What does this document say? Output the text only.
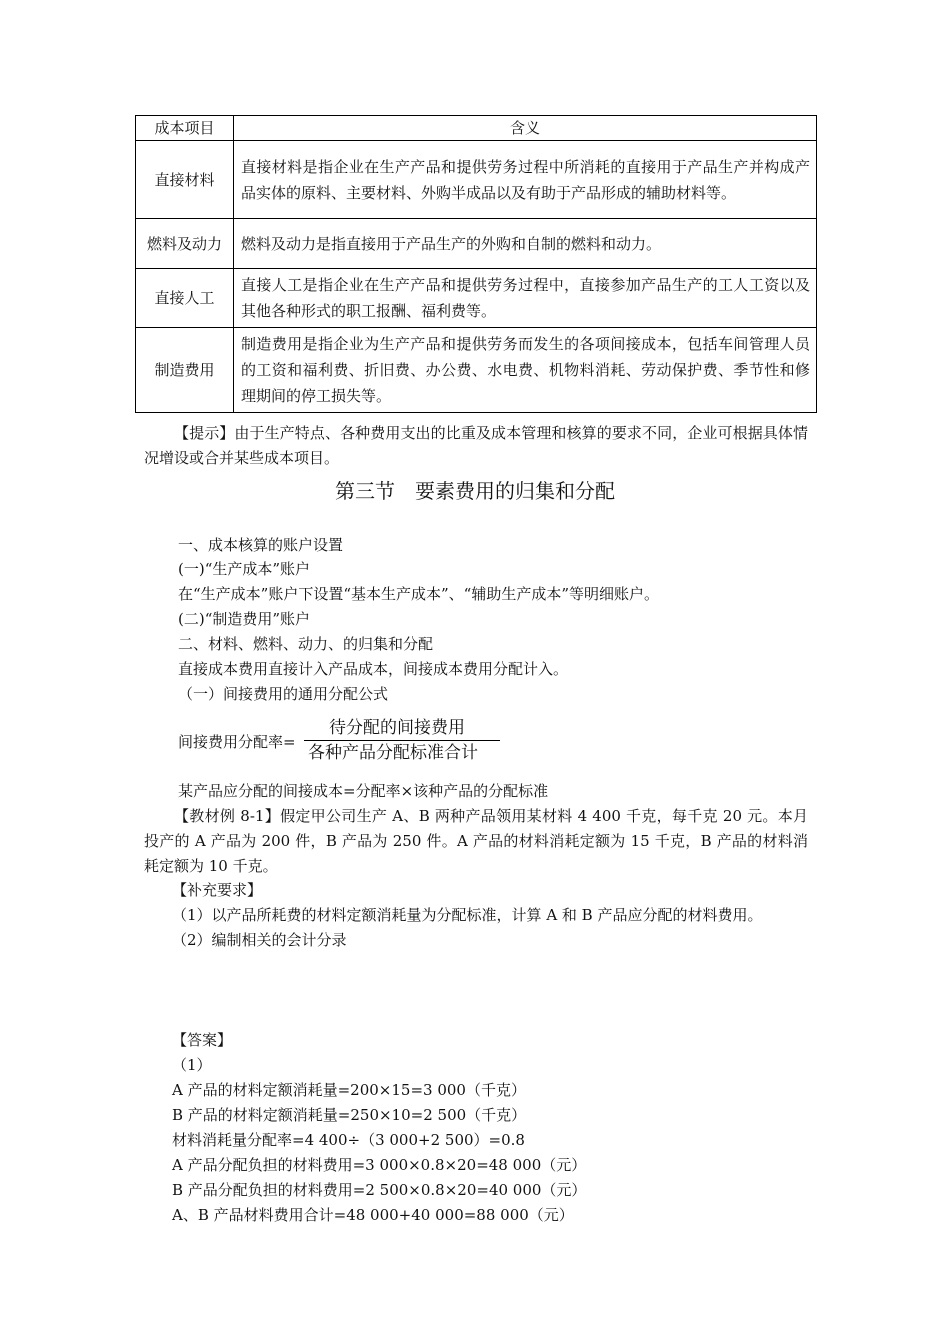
成本项目	含义
直接材料	直接材料是指企业在生产产品和提供劳务过程中所消耗的直接用于产品生产并构成产品实体的原料、主要材料、外购半成品以及有助于产品形成的辅助材料等。
燃料及动力	燃料及动力是指直接用于产品生产的外购和自制的燃料和动力。
直接人工	直接人工是指企业在生产产品和提供劳务过程中，直接参加产品生产的工人工资以及其他各种形式的职工报酬、福利费等。
制造费用	制造费用是指企业为生产产品和提供劳务而发生的各项间接成本，包括车间管理人员的工资和福利费、折旧费、办公费、水电费、机物料消耗、劳动保护费、季节性和修理期间的停工损失等。
【提示】由于生产特点、各种费用支出的比重及成本管理和核算的要求不同，企业可根据具体情况增设或合并某些成本项目。
第三节　要素费用的归集和分配
一、成本核算的账户设置
(一)“生产成本”账户
在“生产成本”账户下设置“基本生产成本”、“辅助生产成本”等明细账户。
(二)“制造费用”账户
二、材料、燃料、动力、的归集和分配
直接成本费用直接计入产品成本，间接成本费用分配计入。
（一）间接费用的通用分配公式
间接费用分配率=
待分配的间接费用
各种产品分配标准合计
某产品应分配的间接成本=分配率×该种产品的分配标准
【教材例 8-1】假定甲公司生产 A、B 两种产品领用某材料 4 400 千克，每千克 20 元。本月投产的 A 产品为 200 件，B 产品为 250 件。A 产品的材料消耗定额为 15 千克，B 产品的材料消耗定额为 10 千克。
【补充要求】
（1）以产品所耗费的材料定额消耗量为分配标准，计算 A 和 B 产品应分配的材料费用。
（2）编制相关的会计分录
【答案】
（1）
A 产品的材料定额消耗量=200×15=3 000（千克）
B 产品的材料定额消耗量=250×10=2 500（千克）
材料消耗量分配率=4 400÷（3 000+2 500）=0.8
A 产品分配负担的材料费用=3 000×0.8×20=48 000（元）
B 产品分配负担的材料费用=2 500×0.8×20=40 000（元）
A、B 产品材料费用合计=48 000+40 000=88 000（元）
